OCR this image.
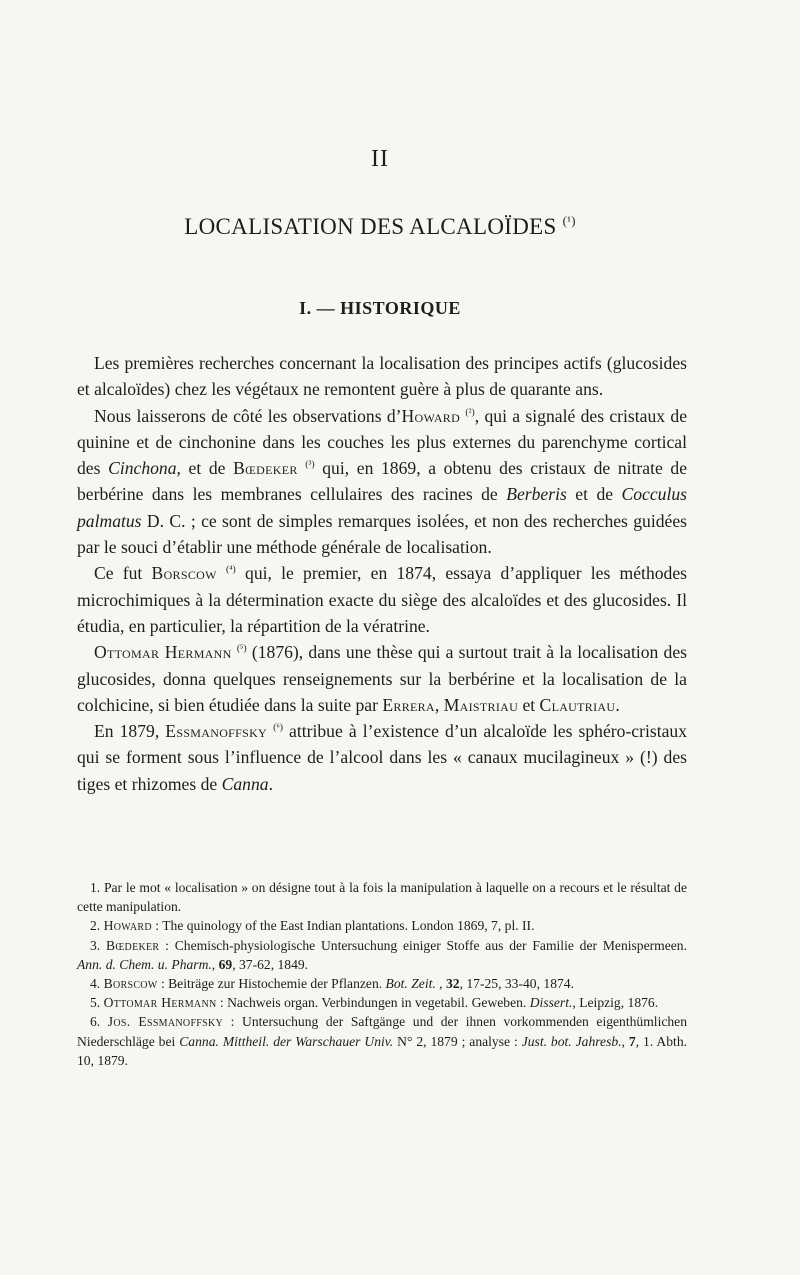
II
LOCALISATION DES ALCALOÏDES $^{(^1)}$
I. — HISTORIQUE

Les premières recherches concernant la localisation des principes actifs (glucosides et alcaloïdes) chez les végétaux ne remontent guère à plus de quarante ans.

Nous laisserons de côté les observations d’Howard $^{(^2)}$, qui a signalé des cristaux de quinine et de cinchonine dans les couches les plus externes du parenchyme cortical des Cinchona, et de Bœdeker $^{(^3)}$ qui, en 1869, a obtenu des cristaux de nitrate de berbérine dans les membranes cellulaires des racines de Berberis et de Cocculus palmatus D. C. ; ce sont de simples remarques isolées, et non des recherches guidées par le souci d’établir une méthode générale de localisation.

Ce fut Borscow $^{(^4)}$ qui, le premier, en 1874, essaya d’appliquer les méthodes microchimiques à la détermination exacte du siège des alcaloïdes et des glucosides. Il étudia, en particulier, la répartition de la vératrine.

Ottomar Hermann $^{(^5)}$ (1876), dans une thèse qui a surtout trait à la localisation des glucosides, donna quelques renseignements sur la berbérine et la localisation de la colchicine, si bien étudiée dans la suite par Errera, Maistriau et Clautriau.

En 1879, Essmanoffsky $^{(^6)}$ attribue à l’existence d’un alcaloïde les sphéro-cristaux qui se forment sous l’influence de l’alcool dans les « canaux mucilagineux » (!) des tiges et rhizomes de Canna.

1. Par le mot « localisation » on désigne tout à la fois la manipulation à laquelle on a recours et le résultat de cette manipulation.

2. Howard : The quinology of the East Indian plantations. London 1869, 7, pl. II.

3. Bœdeker : Chemisch-physiologische Untersuchung einiger Stoffe aus der Familie der Menispermeen. Ann. d. Chem. u. Pharm., 69, 37-62, 1849.

4. Borscow : Beiträge zur Histochemie der Pflanzen. Bot. Zeit. , 32, 17-25, 33-40, 1874.

5. Ottomar Hermann : Nachweis organ. Verbindungen in vegetabil. Geweben. Dissert., Leipzig, 1876.

6. Jos. Essmanoffsky : Untersuchung der Saftgänge und der ihnen vorkommenden eigenthümlichen Niederschläge bei Canna. Mittheil. der Warschauer Univ. N° 2, 1879 ; analyse : Just. bot. Jahresb., 7, 1. Abth. 10, 1879.
